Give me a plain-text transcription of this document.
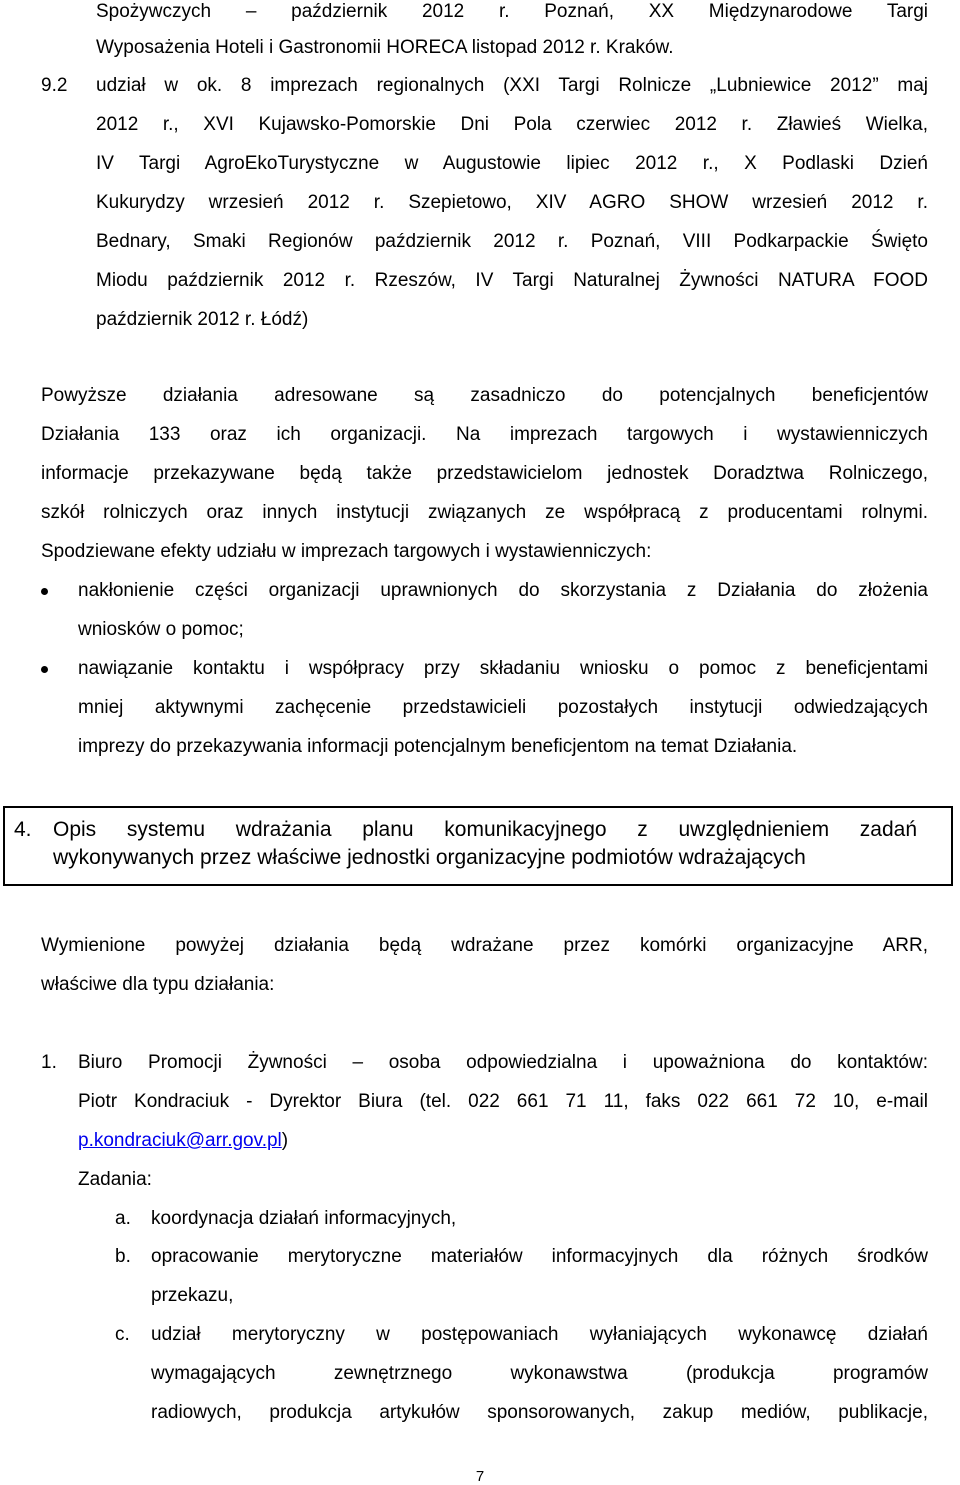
Spożywczych – październik 2012 r. Poznań, XX Międzynarodowe Targi
Wyposażenia Hoteli i Gastronomii HORECA listopad 2012 r. Kraków.
9.2 udział w ok. 8 imprezach regionalnych (XXI Targi Rolnicze „Lubniewice 2012” maj
2012 r., XVI Kujawsko-Pomorskie Dni Pola czerwiec 2012 r. Zławieś Wielka,
IV Targi AgroEkoTurystyczne w Augustowie lipiec 2012 r., X Podlaski Dzień
Kukurydzy wrzesień 2012 r. Szepietowo, XIV AGRO SHOW wrzesień 2012 r.
Bednary, Smaki Regionów październik 2012 r. Poznań, VIII Podkarpackie Święto
Miodu październik 2012 r. Rzeszów, IV Targi Naturalnej Żywności NATURA FOOD
październik 2012 r. Łódź)
Powyższe działania adresowane są zasadniczo do potencjalnych beneficjentów
Działania 133 oraz ich organizacji. Na imprezach targowych i wystawienniczych
informacje przekazywane będą także przedstawicielom jednostek Doradztwa Rolniczego,
szkół rolniczych oraz innych instytucji związanych ze współpracą z producentami rolnymi.
Spodziewane efekty udziału w imprezach targowych i wystawienniczych:
nakłonienie części organizacji uprawnionych do skorzystania z Działania do złożenia
wniosków o pomoc;
nawiązanie kontaktu i współpracy przy składaniu wniosku o pomoc z beneficjentami
mniej aktywnymi zachęcenie przedstawicieli pozostałych instytucji odwiedzających
imprezy do przekazywania informacji potencjalnym beneficjentom na temat Działania.
4. Opis systemu wdrażania planu komunikacyjnego z uwzględnieniem zadań
wykonywanych przez właściwe jednostki organizacyjne podmiotów wdrażających
Wymienione powyżej działania będą wdrażane przez komórki organizacyjne ARR,
właściwe dla typu działania:
1. Biuro Promocji Żywności – osoba odpowiedzialna i upoważniona do kontaktów:
Piotr Kondraciuk - Dyrektor Biura (tel. 022 661 71 11, faks 022 661 72 10, e-mail
p.kondraciuk@arr.gov.pl)
Zadania:
a. koordynacja działań informacyjnych,
b. opracowanie merytoryczne materiałów informacyjnych dla różnych środków
przekazu,
c. udział merytoryczny w postępowaniach wyłaniających wykonawcę działań
wymagających zewnętrznego wykonawstwa (produkcja programów
radiowych, produkcja artykułów sponsorowanych, zakup mediów, publikacje,
7
